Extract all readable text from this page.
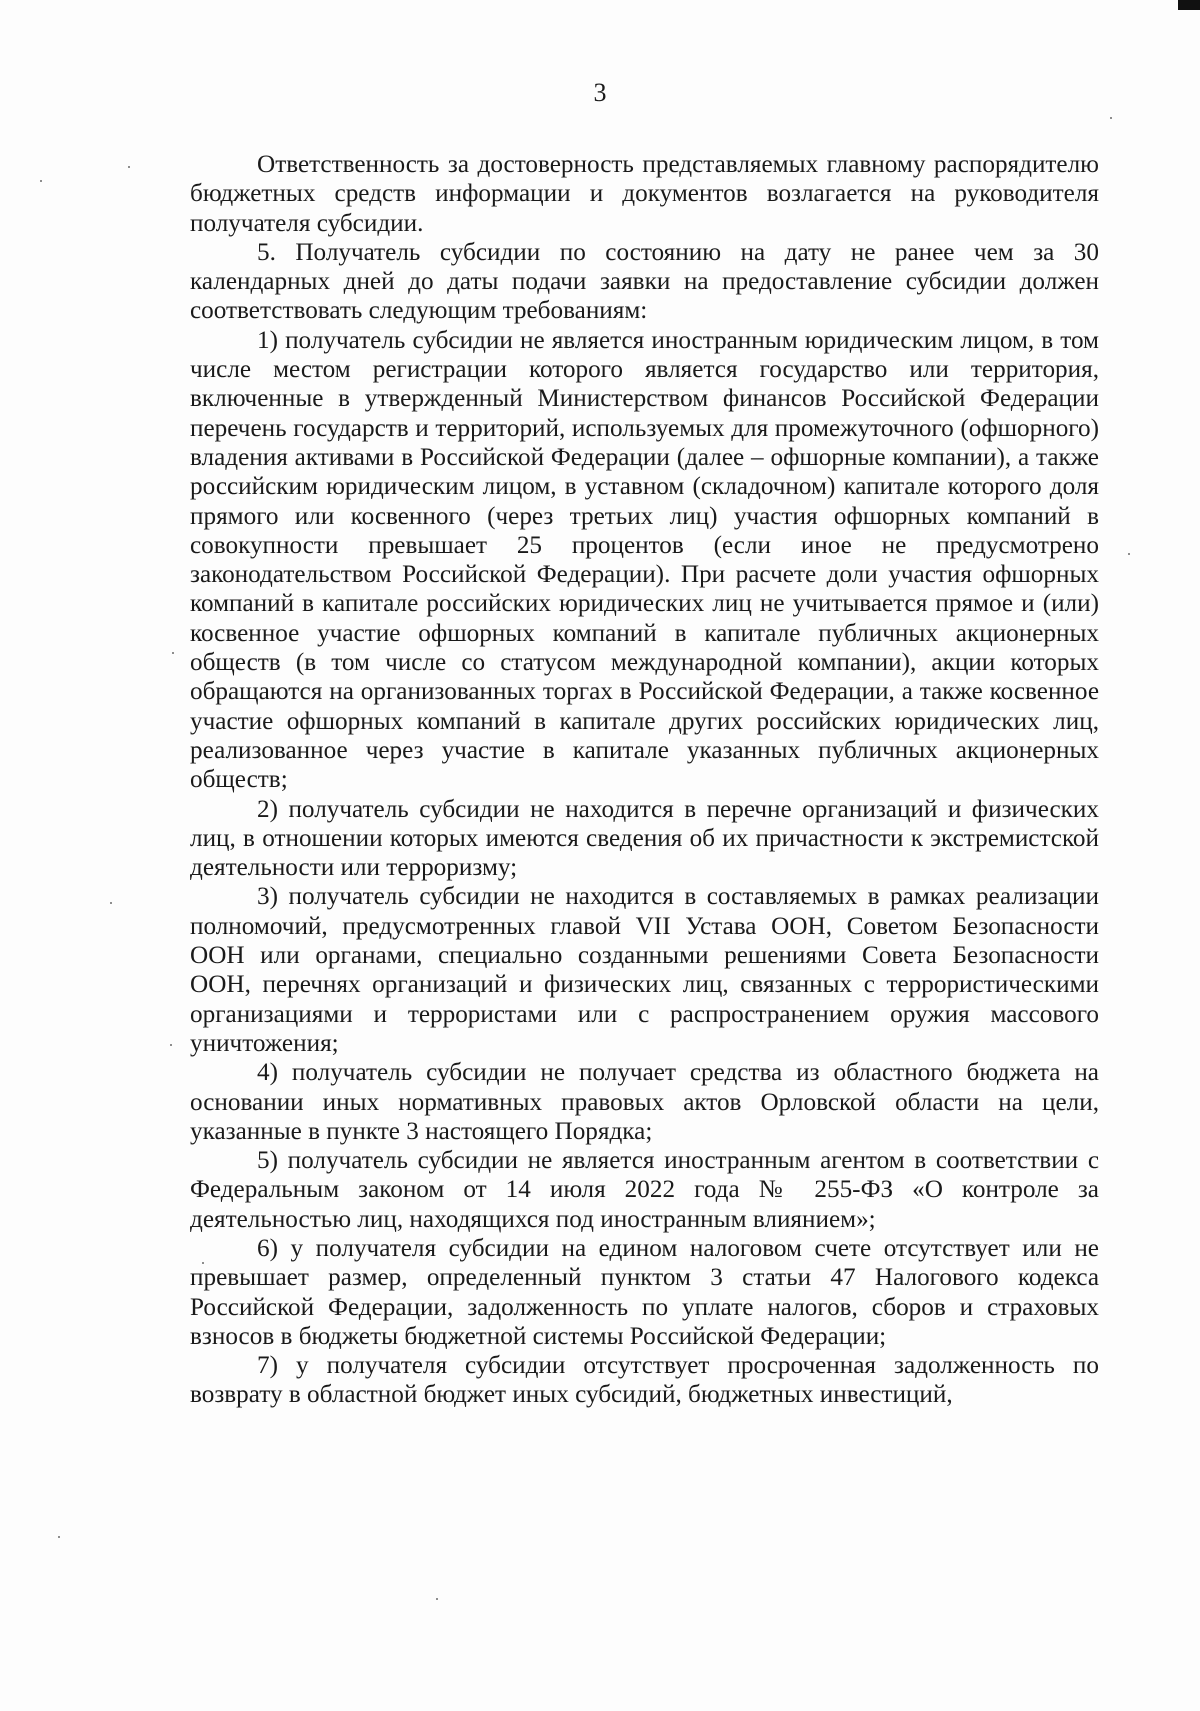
3

Ответственность за достоверность представляемых главному распорядителю бюджетных средств информации и документов возлагается на руководителя получателя субсидии.

5. Получатель субсидии по состоянию на дату не ранее чем за 30 календарных дней до даты подачи заявки на предоставление субсидии должен соответствовать следующим требованиям:

1) получатель субсидии не является иностранным юридическим лицом, в том числе местом регистрации которого является государство или территория, включенные в утвержденный Министерством финансов Российской Федерации перечень государств и территорий, используемых для промежуточного (офшорного) владения активами в Российской Федерации (далее – офшорные компании), а также российским юридическим лицом, в уставном (складочном) капитале которого доля прямого или косвенного (через третьих лиц) участия офшорных компаний в совокупности превышает 25 процентов (если иное не предусмотрено законодательством Российской Федерации). При расчете доли участия офшорных компаний в капитале российских юридических лиц не учитывается прямое и (или) косвенное участие офшорных компаний в капитале публичных акционерных обществ (в том числе со статусом международной компании), акции которых обращаются на организованных торгах в Российской Федерации, а также косвенное участие офшорных компаний в капитале других российских юридических лиц, реализованное через участие в капитале указанных публичных акционерных обществ;

2) получатель субсидии не находится в перечне организаций и физических лиц, в отношении которых имеются сведения об их причастности к экстремистской деятельности или терроризму;

3) получатель субсидии не находится в составляемых в рамках реализации полномочий, предусмотренных главой VII Устава ООН, Советом Безопасности ООН или органами, специально созданными решениями Совета Безопасности ООН, перечнях организаций и физических лиц, связанных с террористическими организациями и террористами или с распространением оружия массового уничтожения;

4) получатель субсидии не получает средства из областного бюджета на основании иных нормативных правовых актов Орловской области на цели, указанные в пункте 3 настоящего Порядка;

5) получатель субсидии не является иностранным агентом в соответствии с Федеральным законом от 14 июля 2022 года № 255-ФЗ «О контроле за деятельностью лиц, находящихся под иностранным влиянием»;

6) у получателя субсидии на едином налоговом счете отсутствует или не превышает размер, определенный пунктом 3 статьи 47 Налогового кодекса Российской Федерации, задолженность по уплате налогов, сборов и страховых взносов в бюджеты бюджетной системы Российской Федерации;

7) у получателя субсидии отсутствует просроченная задолженность по возврату в областной бюджет иных субсидий, бюджетных инвестиций,
